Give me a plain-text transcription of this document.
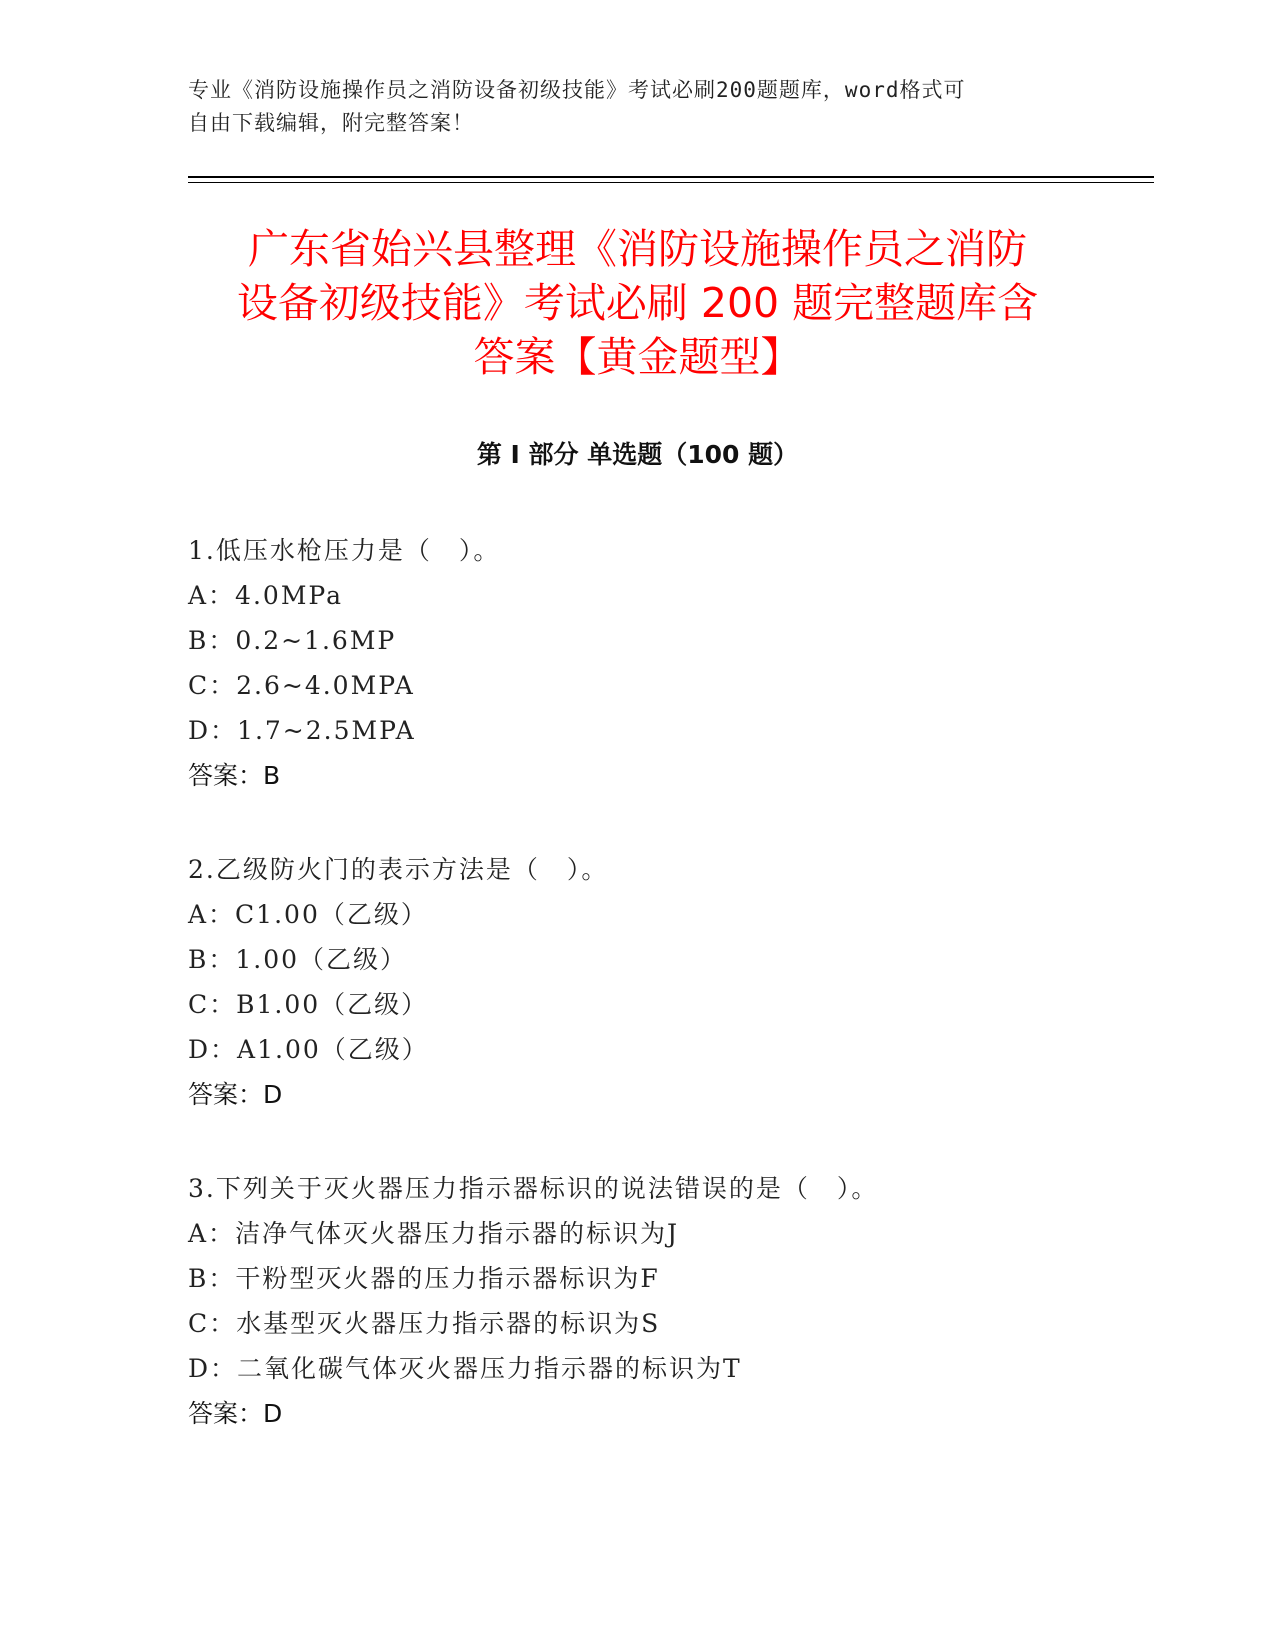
专业《消防设施操作员之消防设备初级技能》考试必刷200题题库，word格式可
自由下载编辑，附完整答案！
广东省始兴县整理《消防设施操作员之消防
设备初级技能》考试必刷 200 题完整题库含
答案【黄金题型】
第 I 部分 单选题（100 题）
1.低压水枪压力是（　）。
A：4.0MPa
B：0.2~1.6MP
C：2.6~4.0MPA
D：1.7~2.5MPA
答案：B
2.乙级防火门的表示方法是（　）。
A：C1.00（乙级）
B：1.00（乙级）
C：B1.00（乙级）
D：A1.00（乙级）
答案：D
3.下列关于灭火器压力指示器标识的说法错误的是（　）。
A：洁净气体灭火器压力指示器的标识为J
B：干粉型灭火器的压力指示器标识为F
C：水基型灭火器压力指示器的标识为S
D：二氧化碳气体灭火器压力指示器的标识为T
答案：D
